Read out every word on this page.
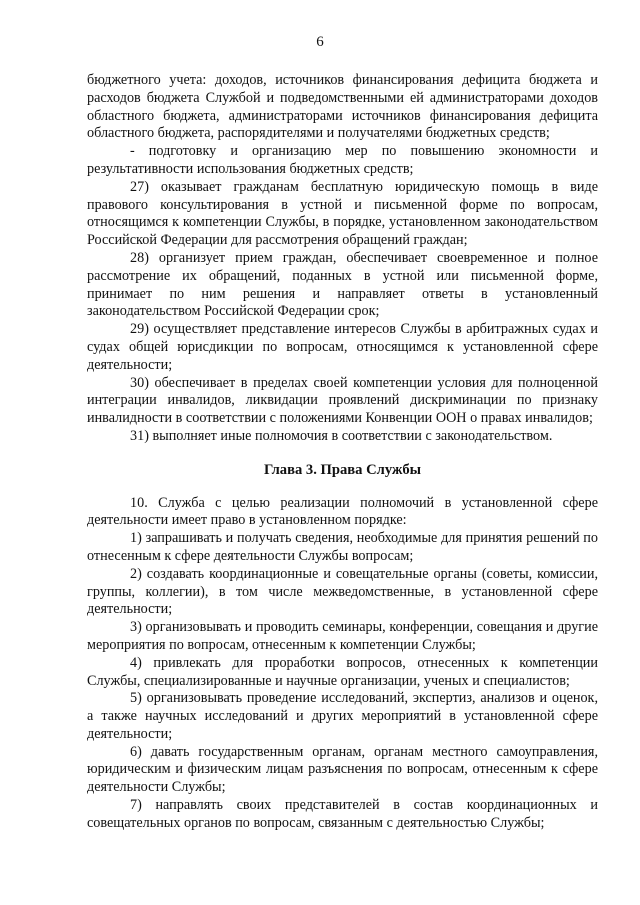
6

бюджетного учета: доходов, источников финансирования дефицита бюджета и расходов бюджета Службой и подведомственными ей администраторами доходов областного бюджета, администраторами источников финансирования дефицита областного бюджета, распорядителями и получателями бюджетных средств;

- подготовку и организацию мер по повышению экономности и результативности использования бюджетных средств;

27) оказывает гражданам бесплатную юридическую помощь в виде правового консультирования в устной и письменной форме по вопросам, относящимся к компетенции Службы, в порядке, установленном законодательством Российской Федерации для рассмотрения обращений граждан;

28) организует прием граждан, обеспечивает своевременное и полное рассмотрение их обращений, поданных в устной или письменной форме, принимает по ним решения и направляет ответы в установленный законодательством Российской Федерации срок;

29) осуществляет представление интересов Службы в арбитражных судах и судах общей юрисдикции по вопросам, относящимся к установленной сфере деятельности;

30) обеспечивает в пределах своей компетенции условия для полноценной интеграции инвалидов, ликвидации проявлений дискриминации по признаку инвалидности в соответствии с положениями Конвенции ООН о правах инвалидов;

31) выполняет иные полномочия в соответствии с законодательством.

Глава 3. Права Службы

10. Служба с целью реализации полномочий в установленной сфере деятельности имеет право в установленном порядке:

1) запрашивать и получать сведения, необходимые для принятия решений по отнесенным к сфере деятельности Службы вопросам;

2) создавать координационные и совещательные органы (советы, комиссии, группы, коллегии), в том числе межведомственные, в установленной сфере деятельности;

3) организовывать и проводить семинары, конференции, совещания и другие мероприятия по вопросам, отнесенным к компетенции Службы;

4) привлекать для проработки вопросов, отнесенных к компетенции Службы, специализированные и научные организации, ученых и специалистов;

5) организовывать проведение исследований, экспертиз, анализов и оценок, а также научных исследований и других мероприятий в установленной сфере деятельности;

6) давать государственным органам, органам местного самоуправления, юридическим и физическим лицам разъяснения по вопросам, отнесенным к сфере деятельности Службы;

7) направлять своих представителей в состав координационных и совещательных органов по вопросам, связанным с деятельностью Службы;
